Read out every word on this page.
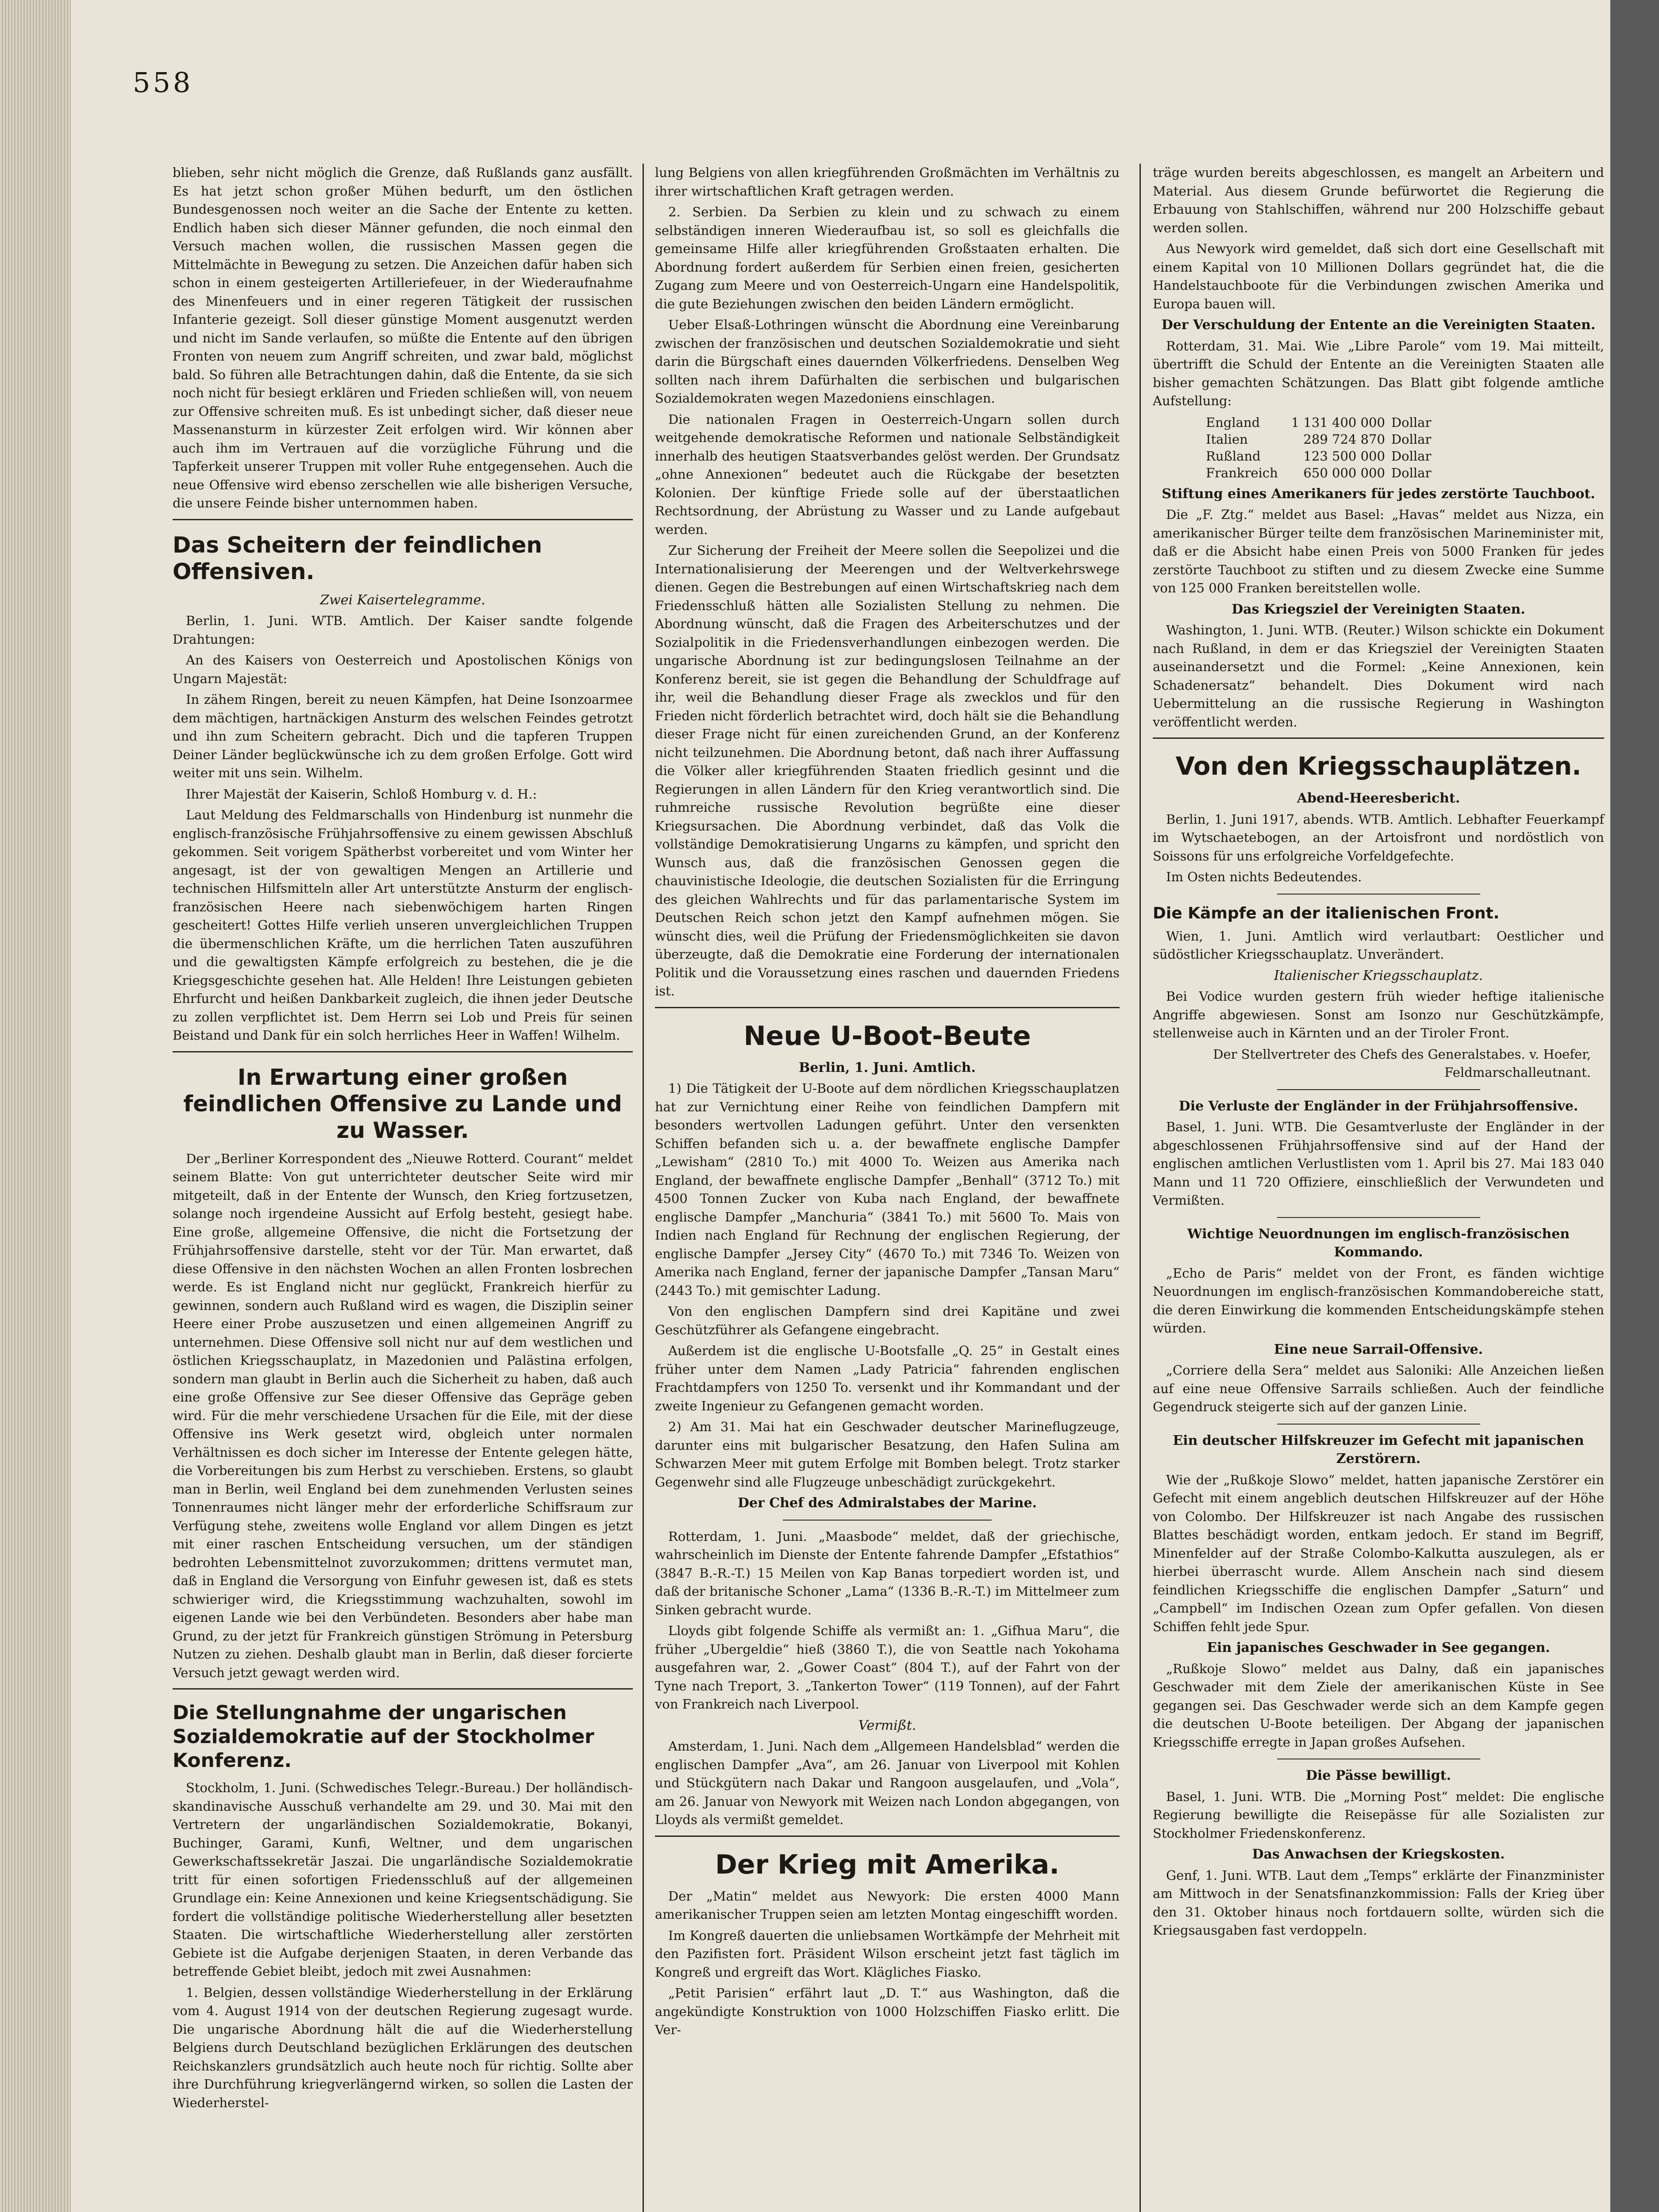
558

blieben, sehr nicht möglich die Grenze, daß Rußlands ganz ausfällt. Es hat jetzt schon großer Mühen bedurft, um den östlichen Bundesgenossen noch weiter an die Sache der Entente zu ketten. Endlich haben sich dieser Männer gefunden, die noch einmal den Versuch machen wollen, die russischen Massen gegen die Mittelmächte in Bewegung zu setzen. Die Anzeichen dafür haben sich schon in einem gesteigerten Artilleriefeuer, in der Wiederaufnahme des Minenfeuers und in einer regeren Tätigkeit der russischen Infanterie gezeigt. Soll dieser günstige Moment ausgenutzt werden und nicht im Sande verlaufen, so müßte die Entente auf den übrigen Fronten von neuem zum Angriff schreiten, und zwar bald, möglichst bald. So führen alle Betrachtungen dahin, daß die Entente, da sie sich noch nicht für besiegt erklären und Frieden schließen will, von neuem zur Offensive schreiten muß. Es ist unbedingt sicher, daß dieser neue Massenansturm in kürzester Zeit erfolgen wird. Wir können aber auch ihm im Vertrauen auf die vorzügliche Führung und die Tapferkeit unserer Truppen mit voller Ruhe entgegensehen. Auch die neue Offensive wird ebenso zerschellen wie alle bisherigen Versuche, die unsere Feinde bisher unternommen haben.

Das Scheitern der feindlichen Offensiven.
Zwei Kaisertelegramme.

Berlin, 1. Juni. WTB. Amtlich. Der Kaiser sandte folgende Drahtungen:

An des Kaisers von Oesterreich und Apostolischen Königs von Ungarn Majestät:

In zähem Ringen, bereit zu neuen Kämpfen, hat Deine Isonzoarmee dem mächtigen, hartnäckigen Ansturm des welschen Feindes getrotzt und ihn zum Scheitern gebracht. Dich und die tapferen Truppen Deiner Länder beglückwünsche ich zu dem großen Erfolge. Gott wird weiter mit uns sein. Wilhelm.

Ihrer Majestät der Kaiserin, Schloß Homburg v. d. H.:

Laut Meldung des Feldmarschalls von Hindenburg ist nunmehr die englisch-französische Frühjahrsoffensive zu einem gewissen Abschluß gekommen. Seit vorigem Spätherbst vorbereitet und vom Winter her angesagt, ist der von gewaltigen Mengen an Artillerie und technischen Hilfsmitteln aller Art unterstützte Ansturm der englisch-französischen Heere nach siebenwöchigem harten Ringen gescheitert! Gottes Hilfe verlieh unseren unvergleichlichen Truppen die übermenschlichen Kräfte, um die herrlichen Taten auszuführen und die gewaltigsten Kämpfe erfolgreich zu bestehen, die je die Kriegsgeschichte gesehen hat. Alle Helden! Ihre Leistungen gebieten Ehrfurcht und heißen Dankbarkeit zugleich, die ihnen jeder Deutsche zu zollen verpflichtet ist. Dem Herrn sei Lob und Preis für seinen Beistand und Dank für ein solch herrliches Heer in Waffen! Wilhelm.

In Erwartung einer großen feindlichen Offensive zu Lande und zu Wasser.

Der „Berliner Korrespondent des „Nieuwe Rotterd. Courant“ meldet seinem Blatte: Von gut unterrichteter deutscher Seite wird mir mitgeteilt, daß in der Entente der Wunsch, den Krieg fortzusetzen, solange noch irgendeine Aussicht auf Erfolg besteht, gesiegt habe. Eine große, allgemeine Offensive, die nicht die Fortsetzung der Frühjahrsoffensive darstelle, steht vor der Tür. Man erwartet, daß diese Offensive in den nächsten Wochen an allen Fronten losbrechen werde. Es ist England nicht nur geglückt, Frankreich hierfür zu gewinnen, sondern auch Rußland wird es wagen, die Disziplin seiner Heere einer Probe auszusetzen und einen allgemeinen Angriff zu unternehmen. Diese Offensive soll nicht nur auf dem westlichen und östlichen Kriegsschauplatz, in Mazedonien und Palästina erfolgen, sondern man glaubt in Berlin auch die Sicherheit zu haben, daß auch eine große Offensive zur See dieser Offensive das Gepräge geben wird. Für die mehr verschiedene Ursachen für die Eile, mit der diese Offensive ins Werk gesetzt wird, obgleich unter normalen Verhältnissen es doch sicher im Interesse der Entente gelegen hätte, die Vorbereitungen bis zum Herbst zu verschieben. Erstens, so glaubt man in Berlin, weil England bei dem zunehmenden Verlusten seines Tonnenraumes nicht länger mehr der erforderliche Schiffsraum zur Verfügung stehe, zweitens wolle England vor allem Dingen es jetzt mit einer raschen Entscheidung versuchen, um der ständigen bedrohten Lebensmittelnot zuvorzukommen; drittens vermutet man, daß in England die Versorgung von Einfuhr gewesen ist, daß es stets schwieriger wird, die Kriegsstimmung wachzuhalten, sowohl im eigenen Lande wie bei den Verbündeten. Besonders aber habe man Grund, zu der jetzt für Frankreich günstigen Strömung in Petersburg Nutzen zu ziehen. Deshalb glaubt man in Berlin, daß dieser forcierte Versuch jetzt gewagt werden wird.

Die Stellungnahme der ungarischen Sozialdemokratie auf der Stockholmer Konferenz.

Stockholm, 1. Juni. (Schwedisches Telegr.-Bureau.) Der holländisch-skandinavische Ausschuß verhandelte am 29. und 30. Mai mit den Vertretern der ungarländischen Sozialdemokratie, Bokanyi, Buchinger, Garami, Kunfi, Weltner, und dem ungarischen Gewerkschaftssekretär Jaszai. Die ungarländische Sozialdemokratie tritt für einen sofortigen Friedensschluß auf der allgemeinen Grundlage ein: Keine Annexionen und keine Kriegsentschädigung. Sie fordert die vollständige politische Wiederherstellung aller besetzten Staaten. Die wirtschaftliche Wiederherstellung aller zerstörten Gebiete ist die Aufgabe derjenigen Staaten, in deren Verbande das betreffende Gebiet bleibt, jedoch mit zwei Ausnahmen:

1. Belgien, dessen vollständige Wiederherstellung in der Erklärung vom 4. August 1914 von der deutschen Regierung zugesagt wurde. Die ungarische Abordnung hält die auf die Wiederherstellung Belgiens durch Deutschland bezüglichen Erklärungen des deutschen Reichskanzlers grundsätzlich auch heute noch für richtig. Sollte aber ihre Durchführung kriegverlängernd wirken, so sollen die Lasten der Wiederherstel-

lung Belgiens von allen kriegführenden Großmächten im Verhältnis zu ihrer wirtschaftlichen Kraft getragen werden.

2. Serbien. Da Serbien zu klein und zu schwach zu einem selbständigen inneren Wiederaufbau ist, so soll es gleichfalls die gemeinsame Hilfe aller kriegführenden Großstaaten erhalten. Die Abordnung fordert außerdem für Serbien einen freien, gesicherten Zugang zum Meere und von Oesterreich-Ungarn eine Handelspolitik, die gute Beziehungen zwischen den beiden Ländern ermöglicht.

Ueber Elsaß-Lothringen wünscht die Abordnung eine Vereinbarung zwischen der französischen und deutschen Sozialdemokratie und sieht darin die Bürgschaft eines dauernden Völkerfriedens. Denselben Weg sollten nach ihrem Dafürhalten die serbischen und bulgarischen Sozialdemokraten wegen Mazedoniens einschlagen.

Die nationalen Fragen in Oesterreich-Ungarn sollen durch weitgehende demokratische Reformen und nationale Selbständigkeit innerhalb des heutigen Staatsverbandes gelöst werden. Der Grundsatz „ohne Annexionen“ bedeutet auch die Rückgabe der besetzten Kolonien. Der künftige Friede solle auf der überstaatlichen Rechtsordnung, der Abrüstung zu Wasser und zu Lande aufgebaut werden.

Zur Sicherung der Freiheit der Meere sollen die Seepolizei und die Internationalisierung der Meerengen und der Weltverkehrswege dienen. Gegen die Bestrebungen auf einen Wirtschaftskrieg nach dem Friedensschluß hätten alle Sozialisten Stellung zu nehmen. Die Abordnung wünscht, daß die Fragen des Arbeiterschutzes und der Sozialpolitik in die Friedensverhandlungen einbezogen werden. Die ungarische Abordnung ist zur bedingungslosen Teilnahme an der Konferenz bereit, sie ist gegen die Behandlung der Schuldfrage auf ihr, weil die Behandlung dieser Frage als zwecklos und für den Frieden nicht förderlich betrachtet wird, doch hält sie die Behandlung dieser Frage nicht für einen zureichenden Grund, an der Konferenz nicht teilzunehmen. Die Abordnung betont, daß nach ihrer Auffassung die Völker aller kriegführenden Staaten friedlich gesinnt und die Regierungen in allen Ländern für den Krieg verantwortlich sind. Die ruhmreiche russische Revolution begrüßte eine dieser Kriegsursachen. Die Abordnung verbindet, daß das Volk die vollständige Demokratisierung Ungarns zu kämpfen, und spricht den Wunsch aus, daß die französischen Genossen gegen die chauvinistische Ideologie, die deutschen Sozialisten für die Erringung des gleichen Wahlrechts und für das parlamentarische System im Deutschen Reich schon jetzt den Kampf aufnehmen mögen. Sie wünscht dies, weil die Prüfung der Friedensmöglichkeiten sie davon überzeugte, daß die Demokratie eine Forderung der internationalen Politik und die Voraussetzung eines raschen und dauernden Friedens ist.

Neue U-Boot-Beute
Berlin, 1. Juni. Amtlich.

1) Die Tätigkeit der U-Boote auf dem nördlichen Kriegsschauplatzen hat zur Vernichtung einer Reihe von feindlichen Dampfern mit besonders wertvollen Ladungen geführt. Unter den versenkten Schiffen befanden sich u. a. der bewaffnete englische Dampfer „Lewisham“ (2810 To.) mit 4000 To. Weizen aus Amerika nach England, der bewaffnete englische Dampfer „Benhall“ (3712 To.) mit 4500 Tonnen Zucker von Kuba nach England, der bewaffnete englische Dampfer „Manchuria“ (3841 To.) mit 5600 To. Mais von Indien nach England für Rechnung der englischen Regierung, der englische Dampfer „Jersey City“ (4670 To.) mit 7346 To. Weizen von Amerika nach England, ferner der japanische Dampfer „Tansan Maru“ (2443 To.) mit gemischter Ladung.

Von den englischen Dampfern sind drei Kapitäne und zwei Geschützführer als Gefangene eingebracht.

Außerdem ist die englische U-Bootsfalle „Q. 25“ in Gestalt eines früher unter dem Namen „Lady Patricia“ fahrenden englischen Frachtdampfers von 1250 To. versenkt und ihr Kommandant und der zweite Ingenieur zu Gefangenen gemacht worden.

2) Am 31. Mai hat ein Geschwader deutscher Marineflugzeuge, darunter eins mit bulgarischer Besatzung, den Hafen Sulina am Schwarzen Meer mit gutem Erfolge mit Bomben belegt. Trotz starker Gegenwehr sind alle Flugzeuge unbeschädigt zurückgekehrt.

Der Chef des Admiralstabes der Marine.

Rotterdam, 1. Juni. „Maasbode“ meldet, daß der griechische, wahrscheinlich im Dienste der Entente fahrende Dampfer „Efstathios“ (3847 B.-R.-T.) 15 Meilen von Kap Banas torpediert worden ist, und daß der britanische Schoner „Lama“ (1336 B.-R.-T.) im Mittelmeer zum Sinken gebracht wurde.

Lloyds gibt folgende Schiffe als vermißt an: 1. „Gifhua Maru“, die früher „Ubergeldie“ hieß (3860 T.), die von Seattle nach Yokohama ausgefahren war, 2. „Gower Coast“ (804 T.), auf der Fahrt von der Tyne nach Treport, 3. „Tankerton Tower“ (119 Tonnen), auf der Fahrt von Frankreich nach Liverpool.

Vermißt.

Amsterdam, 1. Juni. Nach dem „Allgemeen Handelsblad“ werden die englischen Dampfer „Ava“, am 26. Januar von Liverpool mit Kohlen und Stückgütern nach Dakar und Rangoon ausgelaufen, und „Vola“, am 26. Januar von Newyork mit Weizen nach London abgegangen, von Lloyds als vermißt gemeldet.

Der Krieg mit Amerika.

Der „Matin“ meldet aus Newyork: Die ersten 4000 Mann amerikanischer Truppen seien am letzten Montag eingeschifft worden.

Im Kongreß dauerten die unliebsamen Wortkämpfe der Mehrheit mit den Pazifisten fort. Präsident Wilson erscheint jetzt fast täglich im Kongreß und ergreift das Wort. Klägliches Fiasko.

„Petit Parisien“ erfährt laut „D. T.“ aus Washington, daß die angekündigte Konstruktion von 1000 Holzschiffen Fiasko erlitt. Die Ver-

träge wurden bereits abgeschlossen, es mangelt an Arbeitern und Material. Aus diesem Grunde befürwortet die Regierung die Erbauung von Stahlschiffen, während nur 200 Holzschiffe gebaut werden sollen.

Aus Newyork wird gemeldet, daß sich dort eine Gesellschaft mit einem Kapital von 10 Millionen Dollars gegründet hat, die die Handelstauchboote für die Verbindungen zwischen Amerika und Europa bauen will.

Der Verschuldung der Entente an die Vereinigten Staaten.

Rotterdam, 31. Mai. Wie „Libre Parole“ vom 19. Mai mitteilt, übertrifft die Schuld der Entente an die Vereinigten Staaten alle bisher gemachten Schätzungen. Das Blatt gibt folgende amtliche Aufstellung:

England	1 131 400 000	Dollar
Italien	289 724 870	Dollar
Rußland	123 500 000	Dollar
Frankreich	650 000 000	Dollar
Stiftung eines Amerikaners für jedes zerstörte Tauchboot.

Die „F. Ztg.“ meldet aus Basel: „Havas“ meldet aus Nizza, ein amerikanischer Bürger teilte dem französischen Marineminister mit, daß er die Absicht habe einen Preis von 5000 Franken für jedes zerstörte Tauchboot zu stiften und zu diesem Zwecke eine Summe von 125 000 Franken bereitstellen wolle.

Das Kriegsziel der Vereinigten Staaten.

Washington, 1. Juni. WTB. (Reuter.) Wilson schickte ein Dokument nach Rußland, in dem er das Kriegsziel der Vereinigten Staaten auseinandersetzt und die Formel: „Keine Annexionen, kein Schadenersatz“ behandelt. Dies Dokument wird nach Uebermittelung an die russische Regierung in Washington veröffentlicht werden.

Von den Kriegsschauplätzen.
Abend-Heeresbericht.

Berlin, 1. Juni 1917, abends. WTB. Amtlich. Lebhafter Feuerkampf im Wytschaetebogen, an der Artoisfront und nordöstlich von Soissons für uns erfolgreiche Vorfeldgefechte.

Im Osten nichts Bedeutendes.

Die Kämpfe an der italienischen Front.

Wien, 1. Juni. Amtlich wird verlautbart: Oestlicher und südöstlicher Kriegsschauplatz. Unverändert.

Italienischer Kriegsschauplatz.

Bei Vodice wurden gestern früh wieder heftige italienische Angriffe abgewiesen. Sonst am Isonzo nur Geschützkämpfe, stellenweise auch in Kärnten und an der Tiroler Front.

Der Stellvertreter des Chefs des Generalstabes. v. Hoefer, Feldmarschalleutnant.
Die Verluste der Engländer in der Frühjahrsoffensive.

Basel, 1. Juni. WTB. Die Gesamtverluste der Engländer in der abgeschlossenen Frühjahrsoffensive sind auf der Hand der englischen amtlichen Verlustlisten vom 1. April bis 27. Mai 183 040 Mann und 11 720 Offiziere, einschließlich der Verwundeten und Vermißten.

Wichtige Neuordnungen im englisch-französischen Kommando.

„Echo de Paris“ meldet von der Front, es fänden wichtige Neuordnungen im englisch-französischen Kommandobereiche statt, die deren Einwirkung die kommenden Entscheidungskämpfe stehen würden.

Eine neue Sarrail-Offensive.

„Corriere della Sera“ meldet aus Saloniki: Alle Anzeichen ließen auf eine neue Offensive Sarrails schließen. Auch der feindliche Gegendruck steigerte sich auf der ganzen Linie.

Ein deutscher Hilfskreuzer im Gefecht mit japanischen Zerstörern.

Wie der „Rußkoje Slowo“ meldet, hatten japanische Zerstörer ein Gefecht mit einem angeblich deutschen Hilfskreuzer auf der Höhe von Colombo. Der Hilfskreuzer ist nach Angabe des russischen Blattes beschädigt worden, entkam jedoch. Er stand im Begriff, Minenfelder auf der Straße Colombo-Kalkutta auszulegen, als er hierbei überrascht wurde. Allem Anschein nach sind diesem feindlichen Kriegsschiffe die englischen Dampfer „Saturn“ und „Campbell“ im Indischen Ozean zum Opfer gefallen. Von diesen Schiffen fehlt jede Spur.

Ein japanisches Geschwader in See gegangen.

„Rußkoje Slowo“ meldet aus Dalny, daß ein japanisches Geschwader mit dem Ziele der amerikanischen Küste in See gegangen sei. Das Geschwader werde sich an dem Kampfe gegen die deutschen U-Boote beteiligen. Der Abgang der japanischen Kriegsschiffe erregte in Japan großes Aufsehen.

Die Pässe bewilligt.

Basel, 1. Juni. WTB. Die „Morning Post“ meldet: Die englische Regierung bewilligte die Reisepässe für alle Sozialisten zur Stockholmer Friedenskonferenz.

Das Anwachsen der Kriegskosten.

Genf, 1. Juni. WTB. Laut dem „Temps“ erklärte der Finanzminister am Mittwoch in der Senatsfinanzkommission: Falls der Krieg über den 31. Oktober hinaus noch fortdauern sollte, würden sich die Kriegsausgaben fast verdoppeln.
